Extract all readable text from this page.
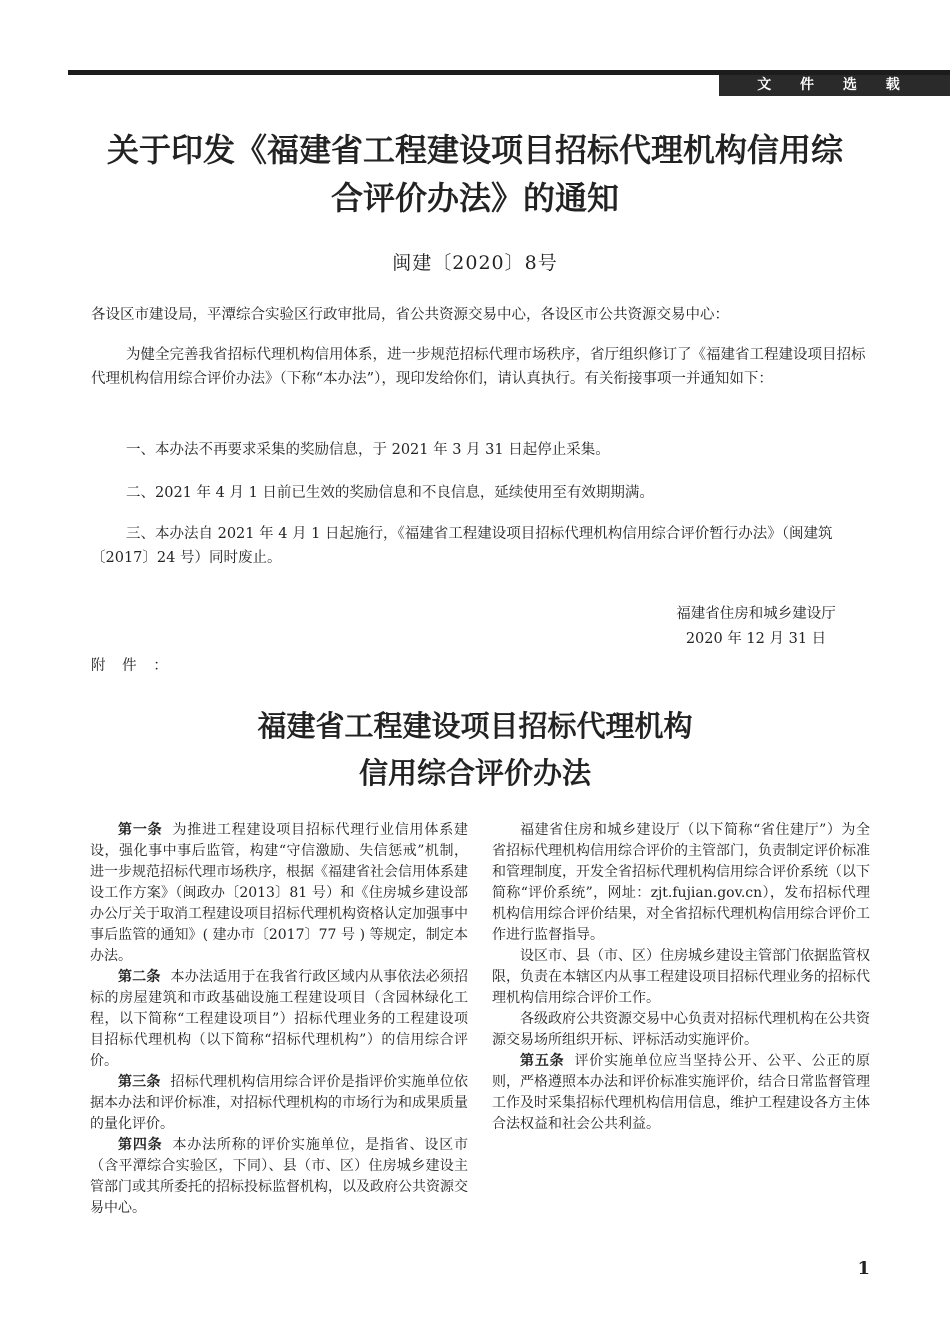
文 件 选 载
关于印发《福建省工程建设项目招标代理机构信用综
合评价办法》的通知
闽建〔2020〕8号
各设区市建设局，平潭综合实验区行政审批局，省公共资源交易中心，各设区市公共资源交易中心：
为健全完善我省招标代理机构信用体系，进一步规范招标代理市场秩序，省厅组织修订了《福建省工程建设项目招标代理机构信用综合评价办法》（下称“本办法”），现印发给你们，请认真执行。有关衔接事项一并通知如下：
一、本办法不再要求采集的奖励信息，于 2021 年 3 月 31 日起停止采集。
二、2021 年 4 月 1 日前已生效的奖励信息和不良信息，延续使用至有效期期满。
三、本办法自 2021 年 4 月 1 日起施行，《福建省工程建设项目招标代理机构信用综合评价暂行办法》（闽建筑〔2017〕24 号）同时废止。
福建省住房和城乡建设厅
2020 年 12 月 31 日
附 件 ：
福建省工程建设项目招标代理机构
信用综合评价办法

第一条 为推进工程建设项目招标代理行业信用体系建设，强化事中事后监管，构建“守信激励、失信惩戒”机制，进一步规范招标代理市场秩序，根据《福建省社会信用体系建设工作方案》（闽政办〔2013〕81 号）和《住房城乡建设部办公厅关于取消工程建设项目招标代理机构资格认定加强事中事后监管的通知》( 建办市〔2017〕77 号 ) 等规定，制定本办法。

第二条 本办法适用于在我省行政区域内从事依法必须招标的房屋建筑和市政基础设施工程建设项目（含园林绿化工程，以下简称“工程建设项目”）招标代理业务的工程建设项目招标代理机构（以下简称“招标代理机构”）的信用综合评价。

第三条 招标代理机构信用综合评价是指评价实施单位依据本办法和评价标准，对招标代理机构的市场行为和成果质量的量化评价。

第四条 本办法所称的评价实施单位，是指省、设区市（含平潭综合实验区，下同）、县（市、区）住房城乡建设主管部门或其所委托的招标投标监督机构，以及政府公共资源交易中心。

福建省住房和城乡建设厅（以下简称“省住建厅”）为全省招标代理机构信用综合评价的主管部门，负责制定评价标准和管理制度，开发全省招标代理机构信用综合评价系统（以下简称“评价系统”，网址：zjt.fujian.gov.cn），发布招标代理机构信用综合评价结果，对全省招标代理机构信用综合评价工作进行监督指导。

设区市、县（市、区）住房城乡建设主管部门依据监管权限，负责在本辖区内从事工程建设项目招标代理业务的招标代理机构信用综合评价工作。

各级政府公共资源交易中心负责对招标代理机构在公共资源交易场所组织开标、评标活动实施评价。

第五条 评价实施单位应当坚持公开、公平、公正的原则，严格遵照本办法和评价标准实施评价，结合日常监督管理工作及时采集招标代理机构信用信息，维护工程建设各方主体合法权益和社会公共利益。

1
